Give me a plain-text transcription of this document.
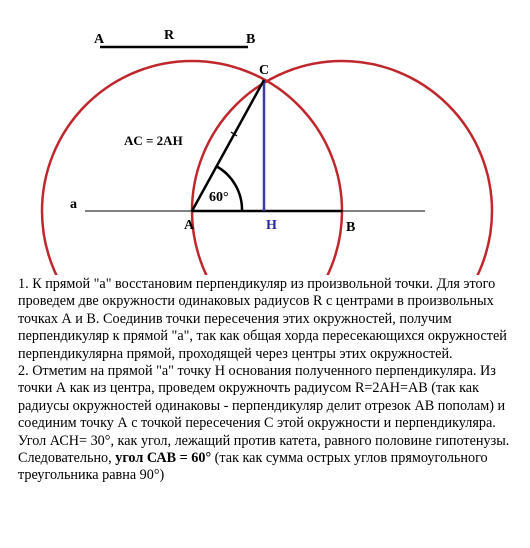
A	R	B
C
AC = 2AH
60°
a
A	H	B

1. К прямой "а" восстановим перпендикуляр из произвольной точки. Для этого проведем две окружности одинаковых радиусов R с центрами в произвольных точках А и В. Соединив точки пересечения этих окружностей, получим перпендикуляр к прямой "а", так как общая хорда пересекающихся окружностей перпендикулярна прямой, проходящей через центры этих окружностей.

2. Отметим на прямой "а" точку Н основания полученного перпендикуляра. Из точки А как из центра, проведем окружночть радиусом R=2AH=AB (так как радиусы окружностей одинаковы - перпендикуляр делит отрезок АВ пополам) и соединим точку А с точкой пересечения С этой окружности и перпендикуляра. Угол АСН= 30°, как угол, лежащий против катета, равного половине гипотенузы. Следовательно, угол САВ = 60° (так как сумма острых углов прямоугольного треугольника равна 90°)
